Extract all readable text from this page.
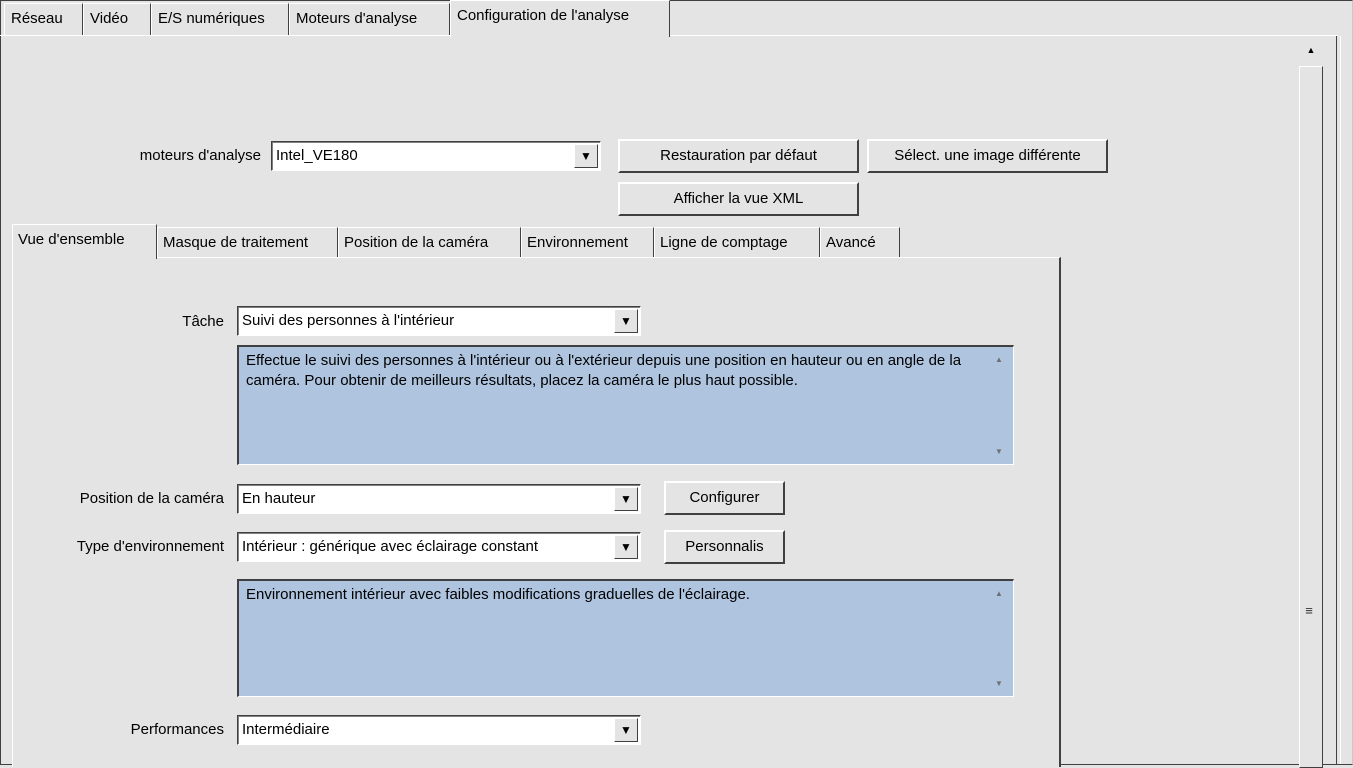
Réseau	Vidéo	E/S numériques	Moteurs d'analyse	Configuration de l'analyse
▲
≡
moteurs d'analyse Intel_VE180	▼	Restauration par défaut	Sélect. une image différente
Afficher la vue XML
Vue d'ensemble	Masque de traitement	Position de la caméra	Environnement	Ligne de comptage	Avancé
Tâche Suivi des personnes à l'intérieur	▼
Effectue le suivi des personnes à l'intérieur ou à l'extérieur depuis une position en hauteur ou en angle de la caméra. Pour obtenir de meilleurs résultats, placez la caméra le plus haut possible.
▲
▼
Position de la caméra En hauteur	▼	Configurer
Type d'environnement Intérieur : générique avec éclairage constant	▼	Personnalis
Environnement intérieur avec faibles modifications graduelles de l'éclairage.	▲
▼
Performances Intermédiaire	▼
